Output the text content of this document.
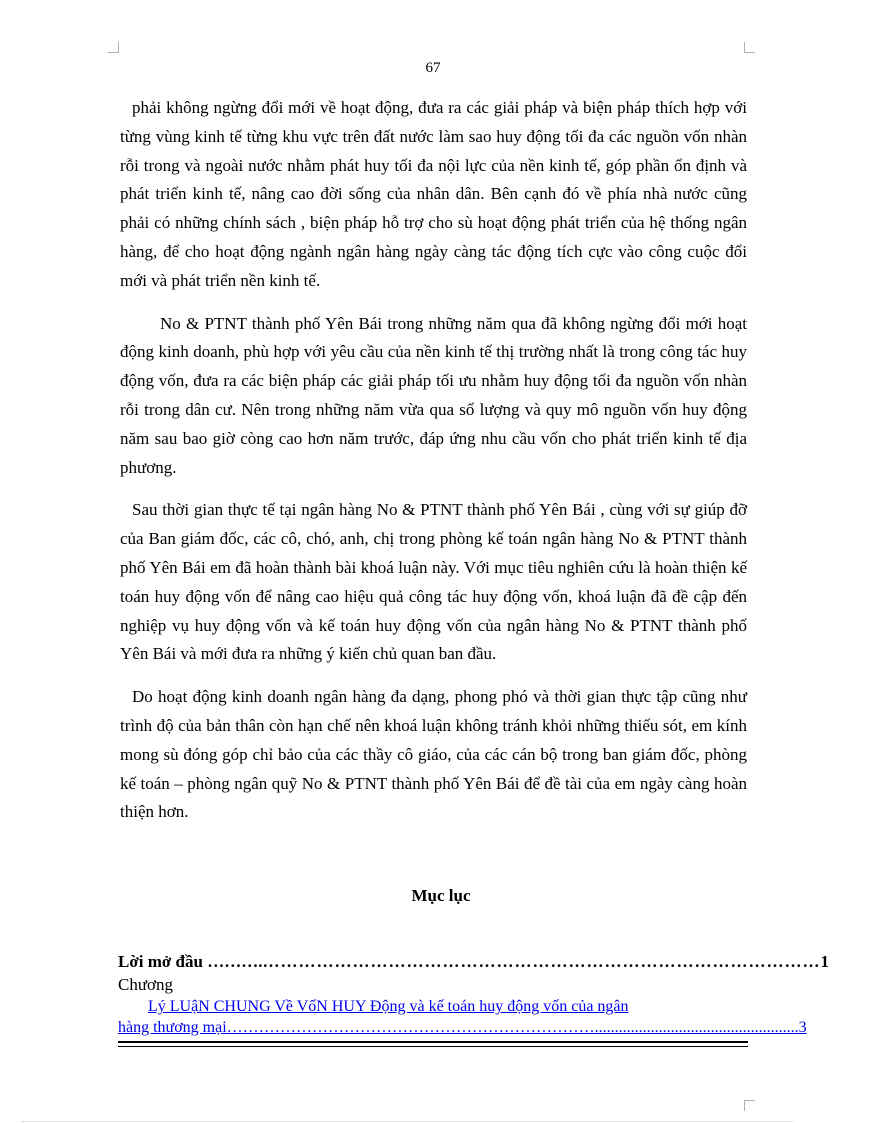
67

phải không ngừng đổi mới về hoạt động, đưa ra các giải pháp và biện pháp thích hợp với từng vùng kinh tế từng khu vực trên đất nước làm sao huy động tối đa các nguồn vốn nhàn rỗi trong và ngoài nước nhằm phát huy tối đa nội lực của nền kinh tế, góp phần ổn định và phát triển kinh tế, nâng cao đời sống của nhân dân. Bên cạnh đó về phía nhà nước cũng phải có những chính sách , biện pháp hỗ trợ cho sù hoạt động phát triển của hệ thống ngân hàng, để cho hoạt động ngành ngân hàng ngày càng tác động tích cực vào công cuộc đổi mới và phát triển nền kinh tế.

No & PTNT thành phố Yên Bái trong những năm qua đã không ngừng đổi mới hoạt động kinh doanh, phù hợp với yêu cầu của nền kinh tế thị trường nhất là trong công tác huy động vốn, đưa ra các biện pháp các giải pháp tối ưu nhằm huy động tối đa nguồn vốn nhàn rỗi trong dân cư. Nên trong những năm vừa qua số lượng và quy mô nguồn vốn huy động năm sau bao giờ còng cao hơn năm trước, đáp ứng nhu cầu vốn cho phát triển kinh tế địa phương.

Sau thời gian thực tế tại ngân hàng No & PTNT thành phố Yên Bái , cùng với sự giúp đỡ của Ban giám đốc, các cô, chó, anh, chị trong phòng kế toán ngân hàng No & PTNT thành phố Yên Bái em đã hoàn thành bài khoá luận này. Với mục tiêu nghiên cứu là hoàn thiện kế toán huy động vốn để nâng cao hiệu quả công tác huy động vốn, khoá luận đã đề cập đến nghiệp vụ huy động vốn và kế toán huy động vốn của ngân hàng No & PTNT thành phố Yên Bái và mới đưa ra những ý kiến chủ quan ban đầu.

Do hoạt động kinh doanh ngân hàng đa dạng, phong phó và thời gian thực tập cũng như trình độ của bản thân còn hạn chế nên khoá luận không tránh khỏi những thiếu sót, em kính mong sù đóng góp chỉ bảo của các thầy cô giáo, của các cán bộ trong ban giám đốc, phòng kế toán – phòng ngân quỹ No & PTNT thành phố Yên Bái để đề tài của em ngày càng hoàn thiện hơn.

Mục lục
Lời mở đầu ………. ………………………………………………………………………………… 1
Chương
Lý LUậN CHUNG Về VốN HUY Động và kế toán huy động vốn của ngân
hàng thương mại ……………………………………………………………................................................... 3
